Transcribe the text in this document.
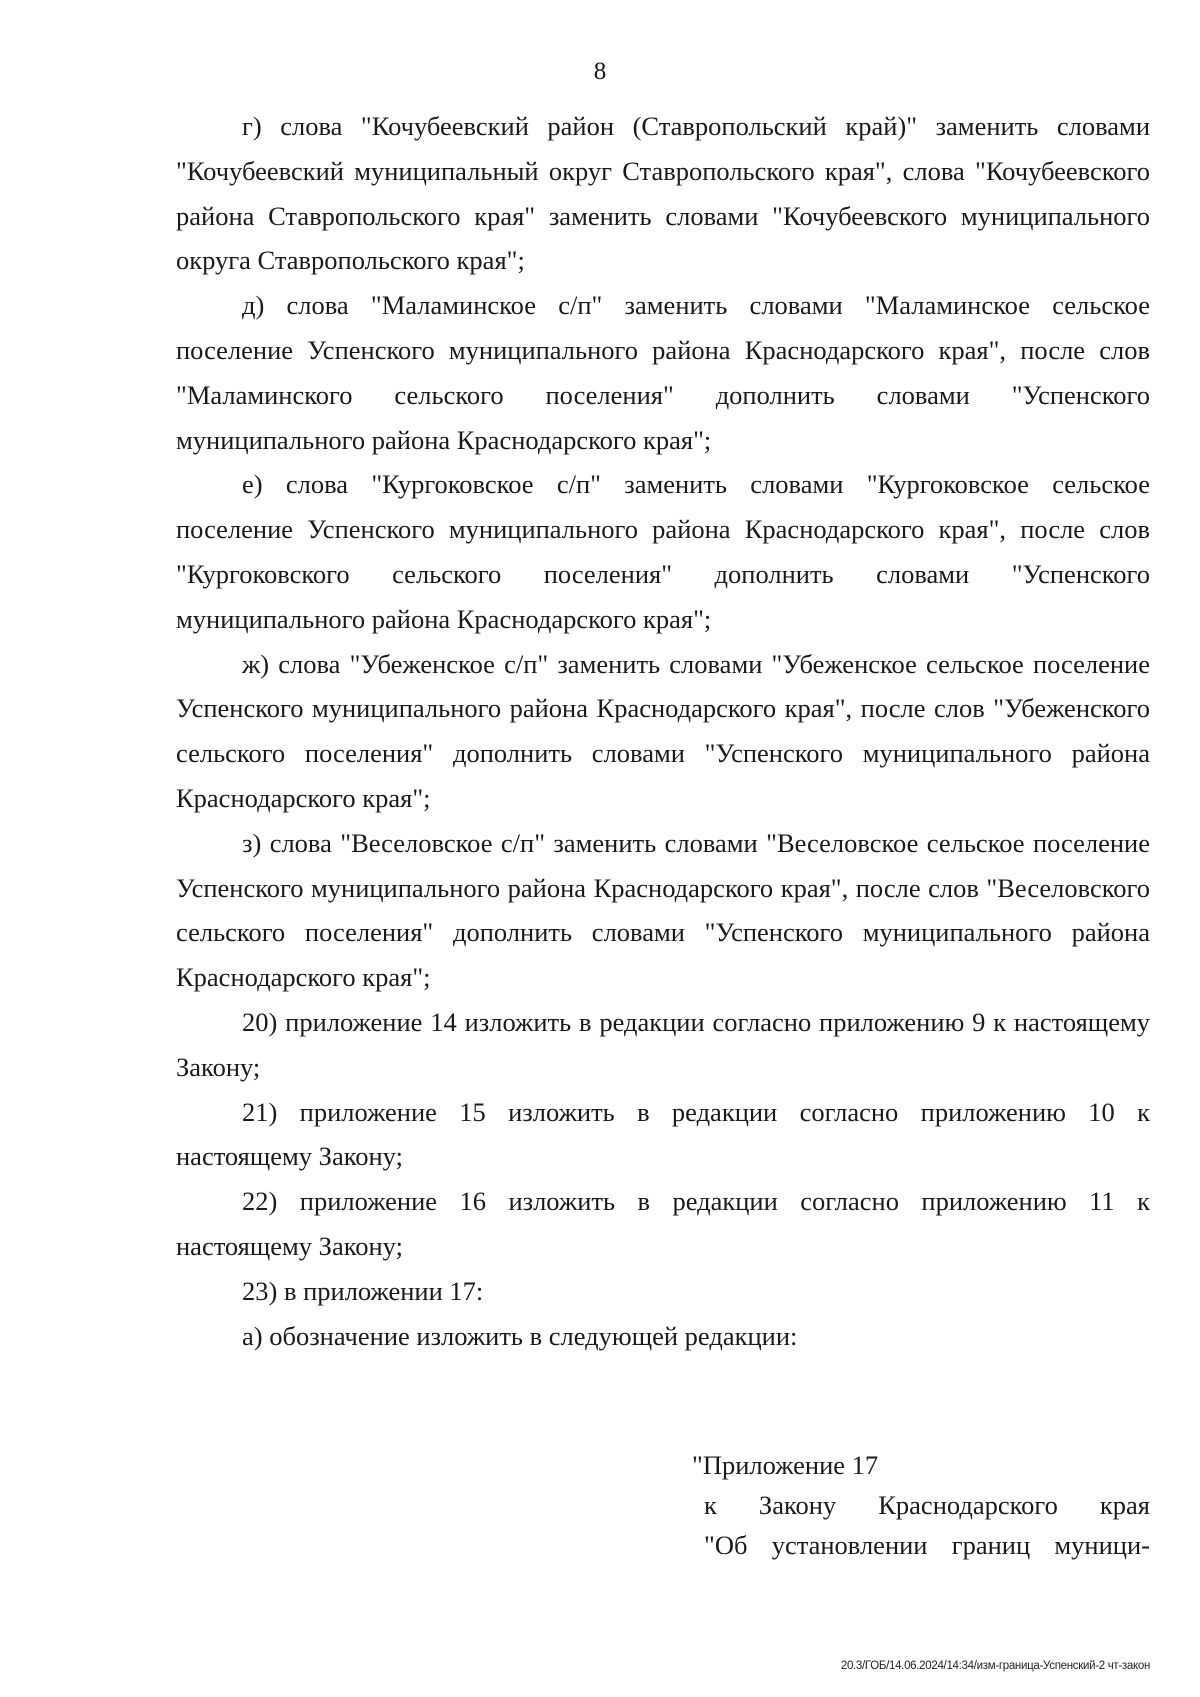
8

г) слова "Кочубеевский район (Ставропольский край)" заменить словами "Кочубеевский муниципальный округ Ставропольского края", слова "Кочубеевского района Ставропольского края" заменить словами "Кочубеевского муниципального округа Ставропольского края";

д) слова "Маламинское с/п" заменить словами "Маламинское сельское поселение Успенского муниципального района Краснодарского края", после слов "Маламинского сельского поселения" дополнить словами "Успенского муниципального района Краснодарского края";

е) слова "Кургоковское с/п" заменить словами "Кургоковское сельское поселение Успенского муниципального района Краснодарского края", после слов "Кургоковского сельского поселения" дополнить словами "Успенского муниципального района Краснодарского края";

ж) слова "Убеженское с/п" заменить словами "Убеженское сельское поселение Успенского муниципального района Краснодарского края", после слов "Убеженского сельского поселения" дополнить словами "Успенского муниципального района Краснодарского края";

з) слова "Веселовское с/п" заменить словами "Веселовское сельское поселение Успенского муниципального района Краснодарского края", после слов "Веселовского сельского поселения" дополнить словами "Успенского муниципального района Краснодарского края";

20) приложение 14 изложить в редакции согласно приложению 9 к настоящему Закону;

21) приложение 15 изложить в редакции согласно приложению 10 к настоящему Закону;

22) приложение 16 изложить в редакции согласно приложению 11 к настоящему Закону;

23) в приложении 17:

а) обозначение изложить в следующей редакции:

"Приложение 17
к Закону Краснодарского края
"Об установлении границ муници-
20.3/ГОБ/14.06.2024/14:34/изм-граница-Успенский-2 чт-закон
